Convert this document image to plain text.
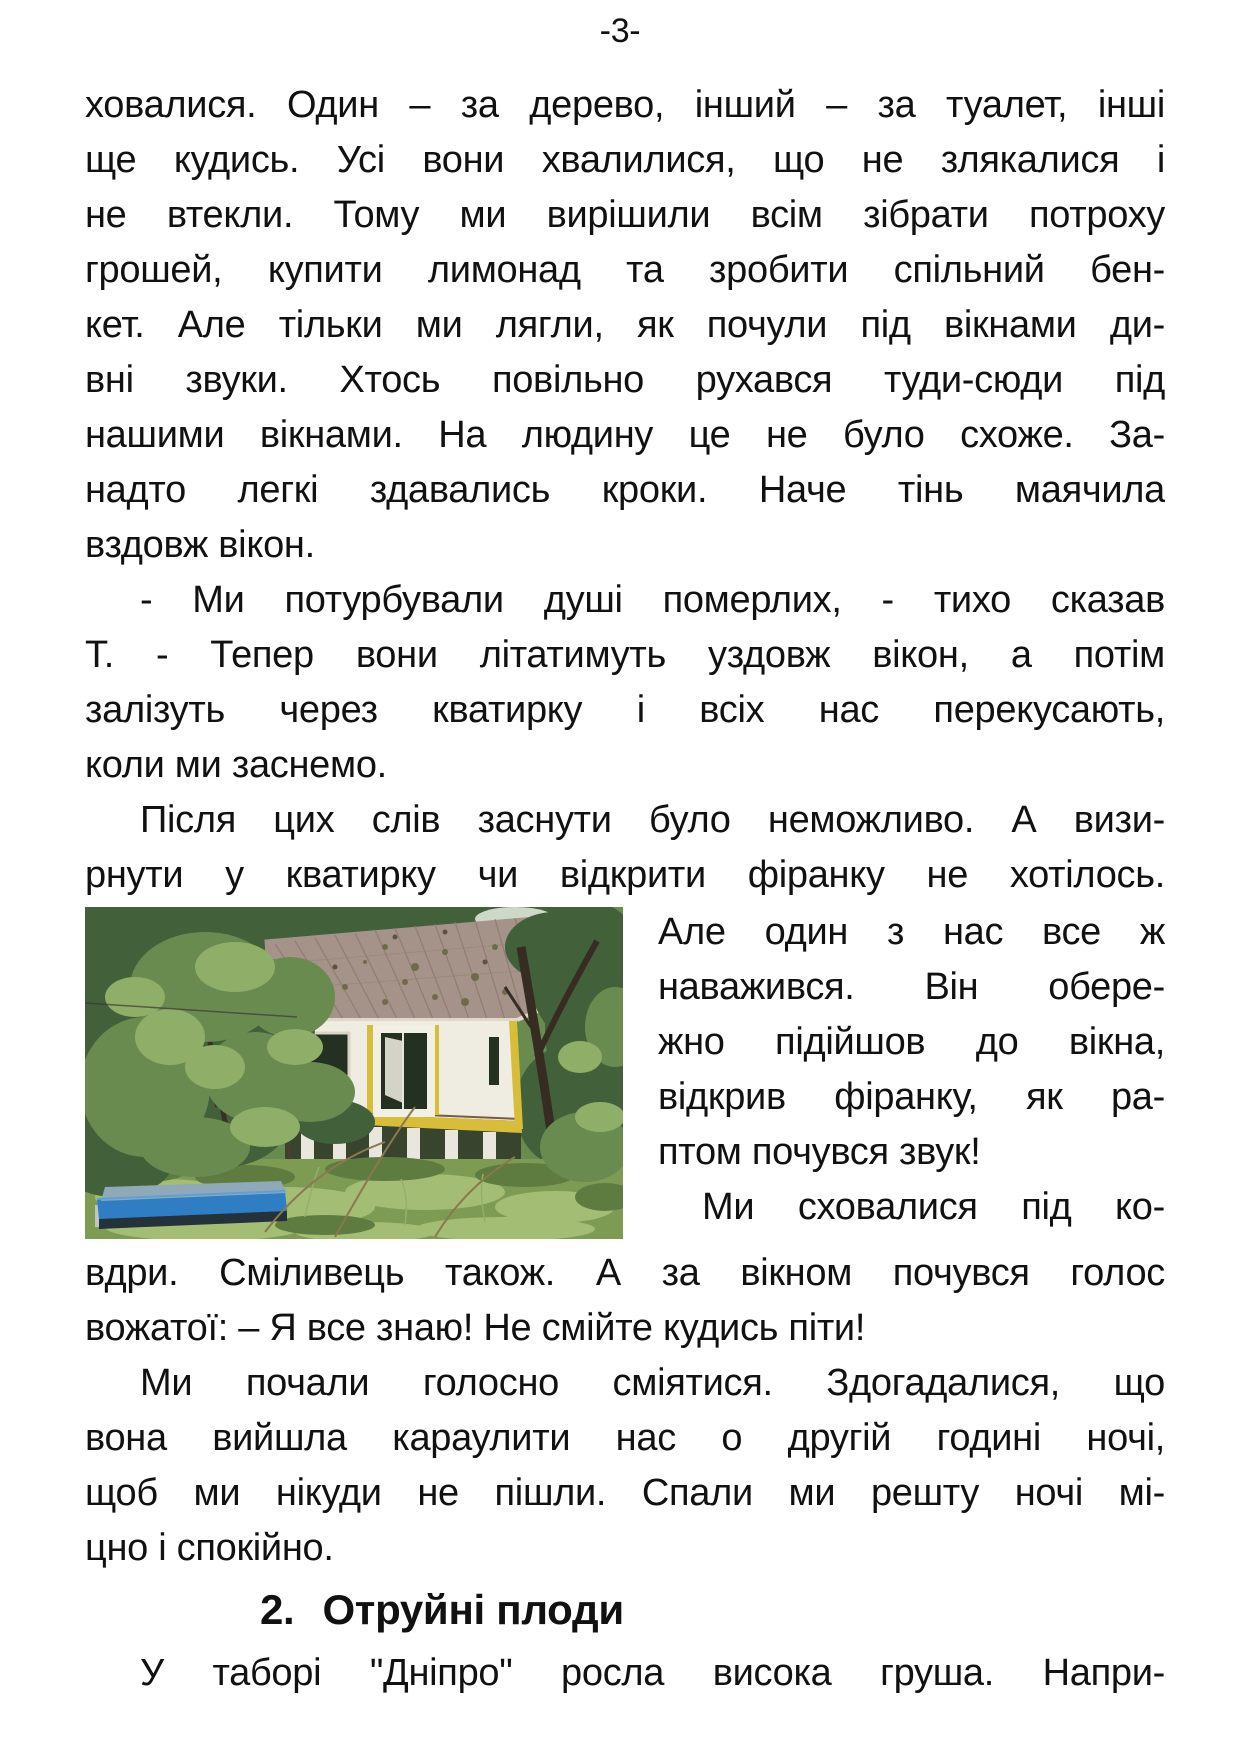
-3-
ховалися. Один – за дерево, інший – за туалет, інші
ще кудись. Усі вони хвалилися, що не злякалися і
не втекли. Тому ми вирішили всім зібрати потроху
грошей, купити лимонад та зробити спільний бен-
кет. Але тільки ми лягли, як почули під вікнами ди-
вні звуки. Хтось повільно рухався туди-сюди під
нашими вікнами. На людину це не було схоже. За-
надто легкі здавались кроки. Наче тінь маячила
вздовж вікон.
- Ми потурбували душі померлих, - тихо сказав
Т. - Тепер вони літатимуть уздовж вікон, а потім
залізуть через кватирку і всіх нас перекусають,
коли ми заснемо.
Після цих слів заснути було неможливо. А визи-
рнути у кватирку чи відкрити фіранку не хотілось.
Але один з нас все ж
наважився. Він обере-
жно підійшов до вікна,
відкрив фіранку, як ра-
птом почувся звук!
Ми сховалися під ко-
вдри. Сміливець також. А за вікном почувся голос
вожатої: – Я все знаю! Не смійте кудись піти!
Ми почали голосно сміятися. Здогадалися, що
вона вийшла караулити нас о другій годині ночі,
щоб ми нікуди не пішли. Спали ми решту ночі мі-
цно і спокійно.
2. Отруйні плоди
У таборі "Дніпро" росла висока груша. Напри-
